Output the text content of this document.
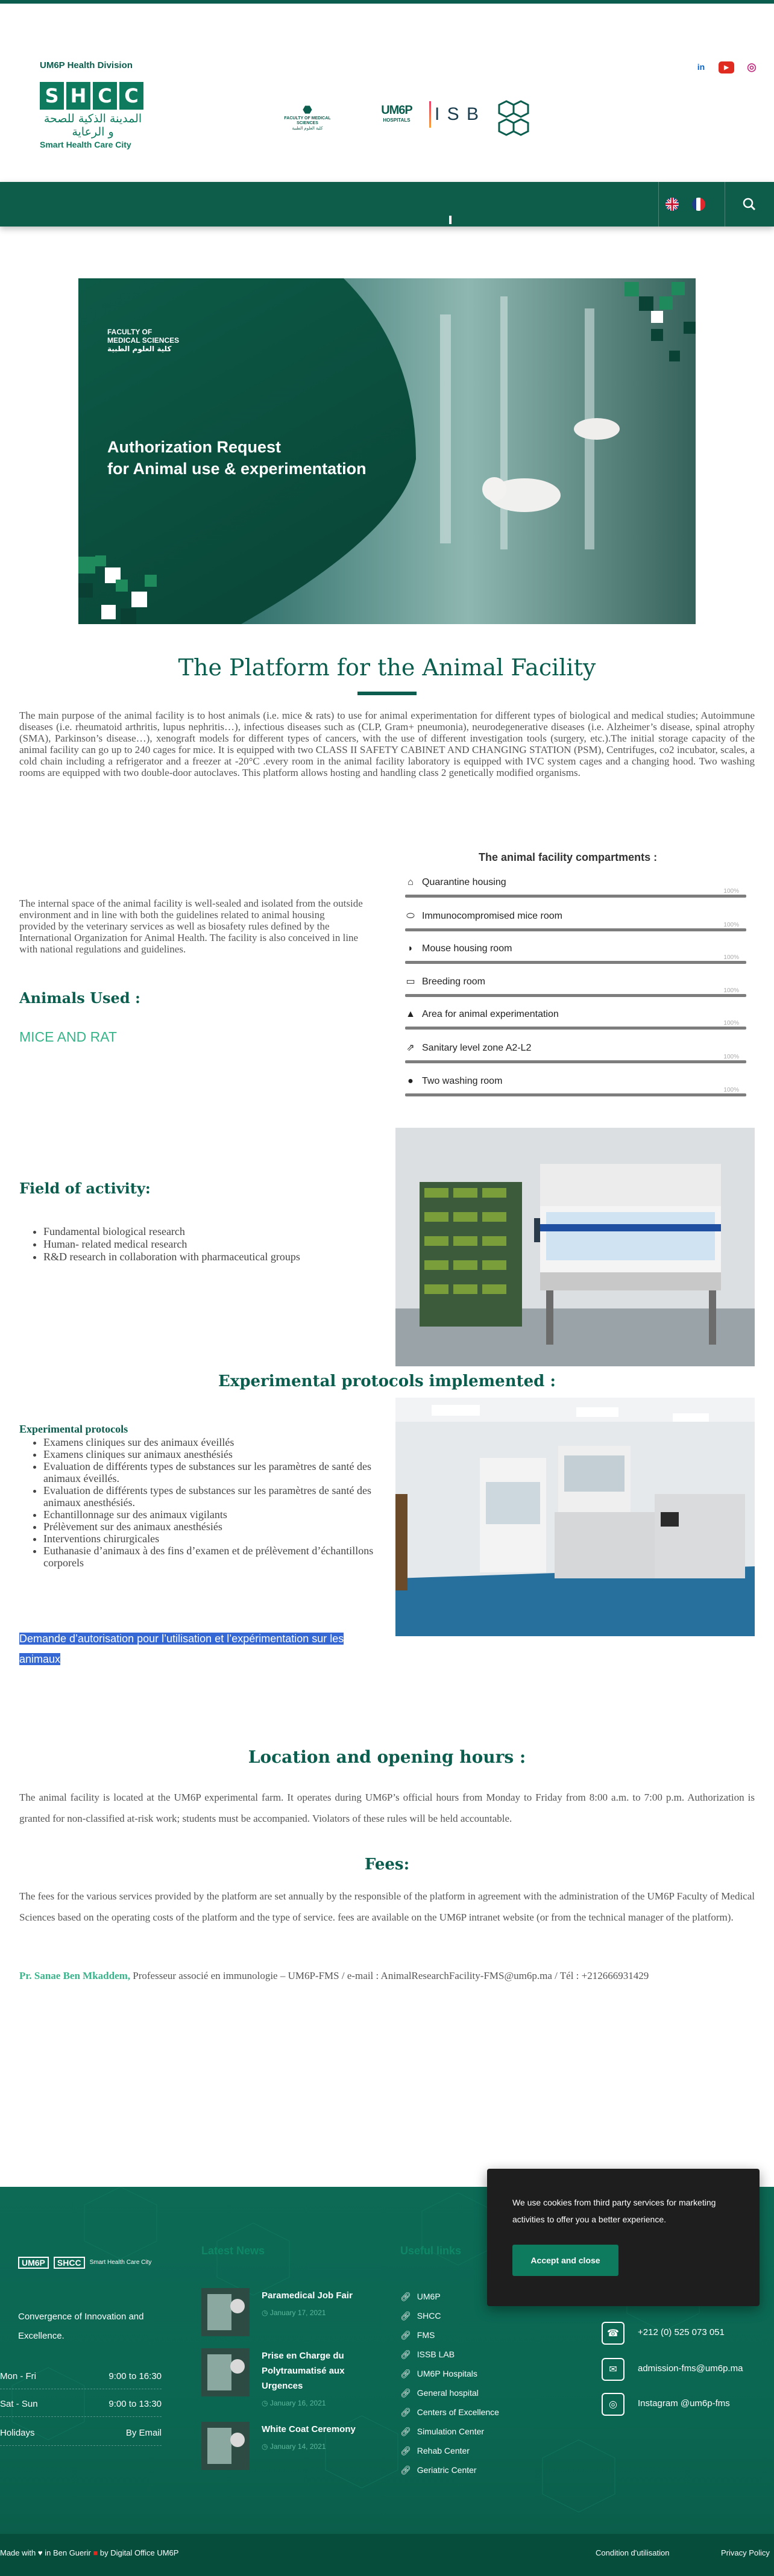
UM6P Health Division
S H C C
المدينة الذكية للصحة و الرعاية
Smart Health Care City
⬣
FACULTY OF MEDICAL SCIENCES
كلية العلوم الطبية
UM6P
HOSPITALS	I S B
in	▶	◎
Smart Healthcare City ⌄	Faculty of Medical Sciences ⌄	UM6P Hospitals	ISSB Institute ⌄	Biotech Park
FACULTY OF
MEDICAL SCIENCES
كلية العلوم الطبية
Authorization Request
for Animal use & experimentation
The Platform for the Animal Facility
The main purpose of the animal facility is to host animals (i.e. mice & rats) to use for animal experimentation for different types of biological and medical studies; Autoimmune diseases (i.e. rheumatoid arthritis, lupus nephritis…), infectious diseases such as (CLP, Gram+ pneumonia), neurodegenerative diseases (i.e. Alzheimer’s disease, spinal atrophy (SMA), Parkinson’s disease…), xenograft models for different types of cancers, with the use of different investigation tools (surgery, etc.).The initial storage capacity of the animal facility can go up to 240 cages for mice. It is equipped with two CLASS II SAFETY CABINET AND CHANGING STATION (PSM), Centrifuges, co2 incubator, scales, a cold chain including a refrigerator and a freezer at -20°C .every room in the animal facility laboratory is equipped with IVC system cages and a changing hood. Two washing rooms are equipped with two double-door autoclaves. This platform allows hosting and handling class 2 genetically modified organisms.
The internal space of the animal facility is well-sealed and isolated from the outside environment and in line with both the guidelines related to animal housing provided by the veterinary services as well as biosafety rules defined by the International Organization for Animal Health. The facility is also conceived in line with national regulations and guidelines.
Animals Used :
MICE AND RAT
The animal facility compartments :
⌂ Quarantine housing
100%
⬭ Immunocompromised mice room
100%
◗ Mouse housing room
100%
▭ Breeding room
100%
▲ Area for animal experimentation
100%
⇗ Sanitary level zone A2-L2
100%
● Two washing room
100%
Field of activity:
• Fundamental biological research
• Human- related medical research
• R&D research in collaboration with pharmaceutical groups
Experimental protocols implemented :
Experimental protocols
• Examens cliniques sur des animaux éveillés
• Examens cliniques sur animaux anesthésiés
• Evaluation de différents types de substances sur les paramètres de santé des animaux éveillés.
• Evaluation de différents types de substances sur les paramètres de santé des animaux anesthésiés.
• Echantillonnage sur des animaux vigilants
• Prélèvement sur des animaux anesthésiés
• Interventions chirurgicales
• Euthanasie d’animaux à des fins d’examen et de prélèvement d’échantillons corporels
Demande d’autorisation pour l’utilisation et l’expérimentation sur les animaux
Location and opening hours :
The animal facility is located at the UM6P experimental farm. It operates during UM6P’s official hours from Monday to Friday from 8:00 a.m. to 7:00 p.m. Authorization is granted for non-classified at-risk work; students must be accompanied. Violators of these rules will be held accountable.
Fees:
The fees for the various services provided by the platform are set annually by the responsible of the platform in agreement with the administration of the UM6P Faculty of Medical Sciences based on the operating costs of the platform and the type of service. fees are available on the UM6P intranet website (or from the technical manager of the platform).
Pr. Sanae Ben Mkaddem, Professeur associé en immunologie – UM6P-FMS / e-mail : AnimalResearchFacility-FMS@um6p.ma / Tél : +212666931429
UM6P	SHCC	Smart Health Care City
Convergence of Innovation and Excellence.
Mon - Fri	9:00 to 16:30
Sat - Sun	9:00 to 13:30
Holidays	By Email
Latest News
Paramedical Job Fair
◷ January 17, 2021
Prise en Charge du Polytraumatisé aux Urgences
◷ January 16, 2021
White Coat Ceremony
◷ January 14, 2021
Useful links
🔗︎ UM6P
🔗︎ SHCC
🔗︎ FMS
🔗︎ ISSB LAB
🔗︎ UM6P Hospitals
🔗︎ General hospital
🔗︎ Centers of Excellence
🔗︎ Simulation Center
🔗︎ Rehab Center
🔗︎ Geriatric Center
☎	+212 (0) 525 073 051
✉	admission-fms@um6p.ma
◎	Instagram @um6p-fms
Made with ♥ in Ben Guerir ■ by Digital Office UM6P	Condition d'utilisation	Privacy Policy
We use cookies from third party services for marketing activities to offer you a better experience.
Accept and close
